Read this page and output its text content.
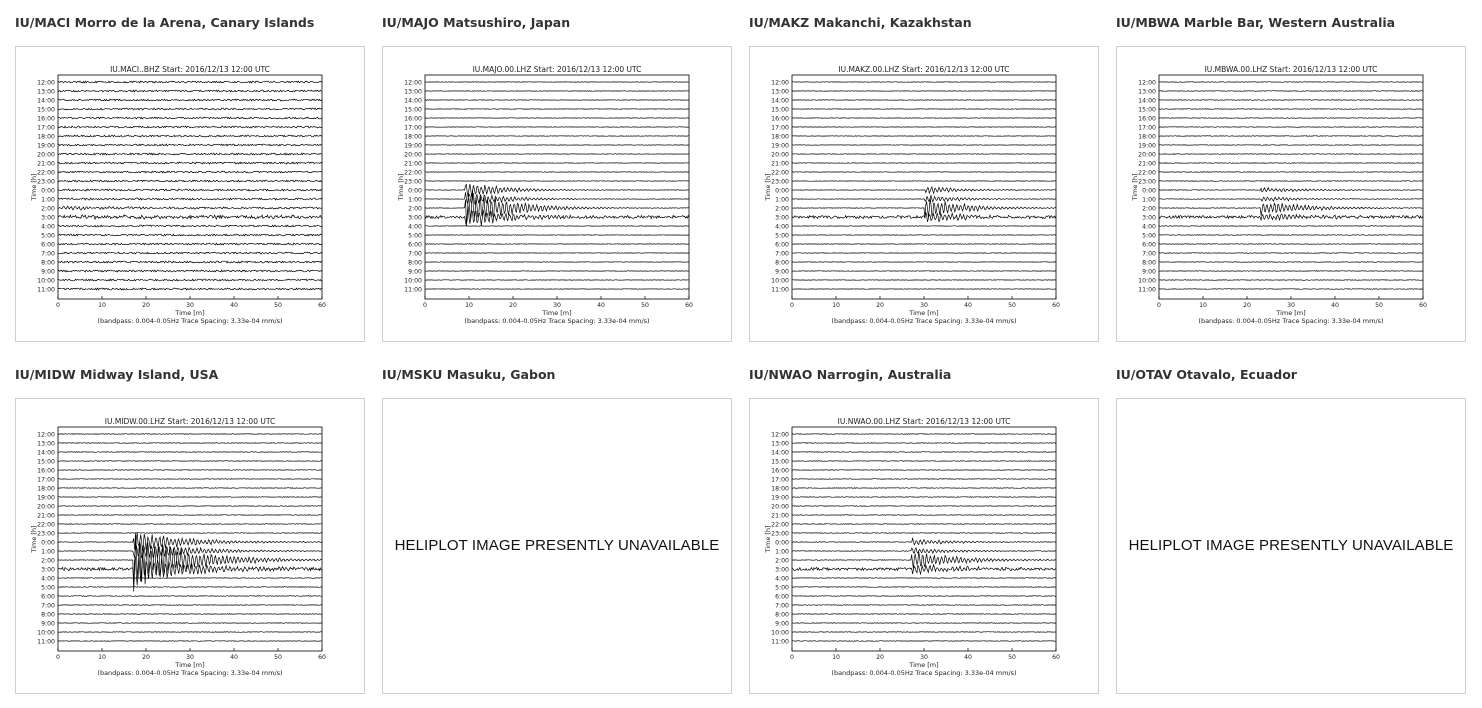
IU/MACI Morro de la Arena, Canary Islands
IU.MACI..BHZ Start: 2016/12/13 12:00 UTC
12:00
13:00
14:00
15:00
16:00
17:00
18:00
19:00
20:00
21:00
22:00
23:00
0:00
1:00
2:00
3:00
4:00
5:00
6:00
7:00
8:00
9:00
10:00
11:00
Time [h]
0	10	20	30	40	50	60
Time [m]
(bandpass: 0.004-0.05Hz Trace Spacing: 3.33e-04 mm/s)
IU/MAJO Matsushiro, Japan
IU.MAJO.00.LHZ Start: 2016/12/13 12:00 UTC
12:00
13:00
14:00
15:00
16:00
17:00
18:00
19:00
20:00
21:00
22:00
23:00
0:00
1:00
2:00
3:00
4:00
5:00
6:00
7:00
8:00
9:00
10:00
11:00
Time [h]
0	10	20	30	40	50	60
Time [m]
(bandpass: 0.004-0.05Hz Trace Spacing: 3.33e-04 mm/s)
IU/MAKZ Makanchi, Kazakhstan
IU.MAKZ.00.LHZ Start: 2016/12/13 12:00 UTC
12:00
13:00
14:00
15:00
16:00
17:00
18:00
19:00
20:00
21:00
22:00
23:00
0:00
1:00
2:00
3:00
4:00
5:00
6:00
7:00
8:00
9:00
10:00
11:00
Time [h]
0	10	20	30	40	50	60
Time [m]
(bandpass: 0.004-0.05Hz Trace Spacing: 3.33e-04 mm/s)
IU/MBWA Marble Bar, Western Australia
IU.MBWA.00.LHZ Start: 2016/12/13 12:00 UTC
12:00
13:00
14:00
15:00
16:00
17:00
18:00
19:00
20:00
21:00
22:00
23:00
0:00
1:00
2:00
3:00
4:00
5:00
6:00
7:00
8:00
9:00
10:00
11:00
Time [h]
0	10	20	30	40	50	60
Time [m]
(bandpass: 0.004-0.05Hz Trace Spacing: 3.33e-04 mm/s)
IU/MIDW Midway Island, USA
IU.MIDW.00.LHZ Start: 2016/12/13 12:00 UTC
12:00
13:00
14:00
15:00
16:00
17:00
18:00
19:00
20:00
21:00
22:00
23:00
0:00
1:00
2:00
3:00
4:00
5:00
6:00
7:00
8:00
9:00
10:00
11:00
Time [h]
0	10	20	30	40	50	60
Time [m]
(bandpass: 0.004-0.05Hz Trace Spacing: 3.33e-04 mm/s)
IU/MSKU Masuku, Gabon
HELIPLOT IMAGE PRESENTLY UNAVAILABLE
IU/NWAO Narrogin, Australia
IU.NWAO.00.LHZ Start: 2016/12/13 12:00 UTC
12:00
13:00
14:00
15:00
16:00
17:00
18:00
19:00
20:00
21:00
22:00
23:00
0:00
1:00
2:00
3:00
4:00
5:00
6:00
7:00
8:00
9:00
10:00
11:00
Time [h]
0	10	20	30	40	50	60
Time [m]
(bandpass: 0.004-0.05Hz Trace Spacing: 3.33e-04 mm/s)
IU/OTAV Otavalo, Ecuador
HELIPLOT IMAGE PRESENTLY UNAVAILABLE
